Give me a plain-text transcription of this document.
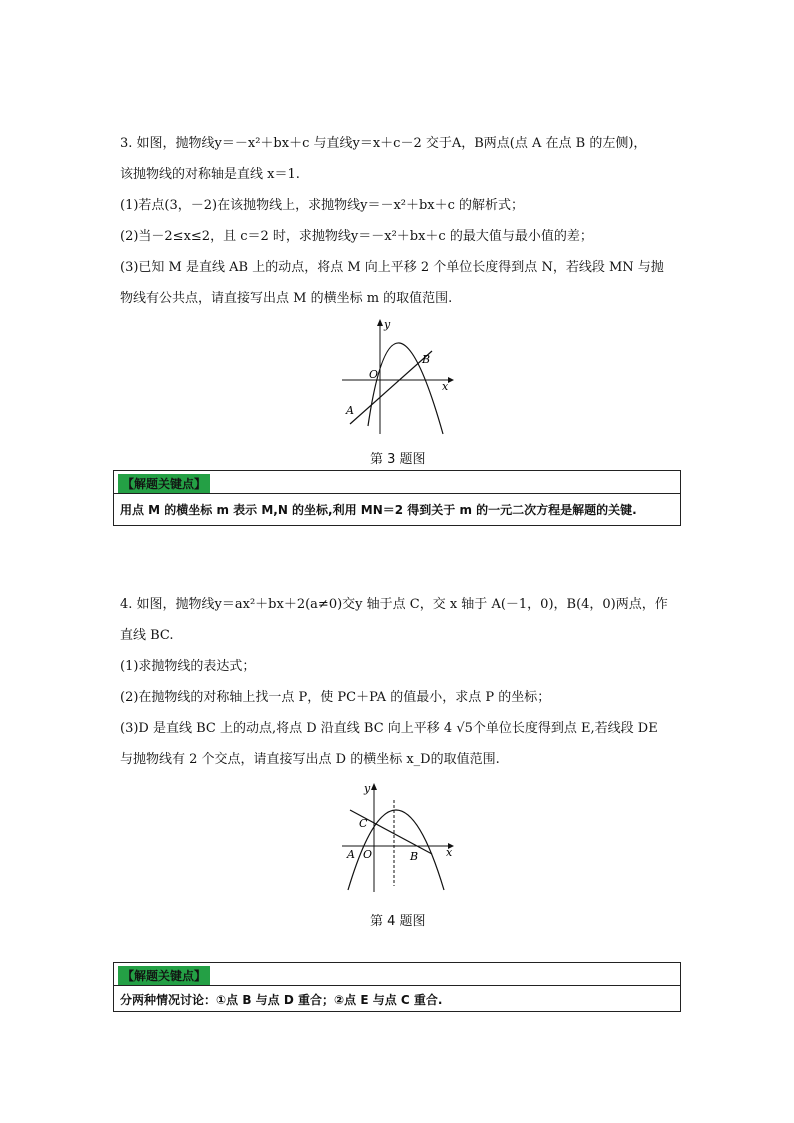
3. 如图，抛物线y＝－x²＋bx＋c 与直线y＝x＋c－2 交于A，B两点(点 A 在点 B 的左侧)，
该抛物线的对称轴是直线 x＝1.
(1)若点(3，－2)在该抛物线上，求抛物线y＝－x²＋bx＋c 的解析式；
(2)当－2≤x≤2，且 c＝2 时，求抛物线y＝－x²＋bx＋c 的最大值与最小值的差；
(3)已知 M 是直线 AB 上的动点，将点 M 向上平移 2 个单位长度得到点 N，若线段 MN 与抛
物线有公共点，请直接写出点 M 的横坐标 m 的取值范围.
y
x
O
A
B
第 3 题图
【解题关键点】
用点 M 的横坐标 m 表示 M,N 的坐标,利用 MN＝2 得到关于 m 的一元二次方程是解题的关键.
4. 如图，抛物线y＝ax²＋bx＋2(a≠0)交y 轴于点 C，交 x 轴于 A(－1，0)，B(4，0)两点，作
直线 BC.
(1)求抛物线的表达式；
(2)在抛物线的对称轴上找一点 P，使 PC＋PA 的值最小，求点 P 的坐标；
(3)D 是直线 BC 上的动点,将点 D 沿直线 BC 向上平移 4 √5个单位长度得到点 E,若线段 DE
与抛物线有 2 个交点，请直接写出点 D 的横坐标 x_D的取值范围.
y
x
O
A	B
C
第 4 题图
【解题关键点】
分两种情况讨论：①点 B 与点 D 重合；②点 E 与点 C 重合.
